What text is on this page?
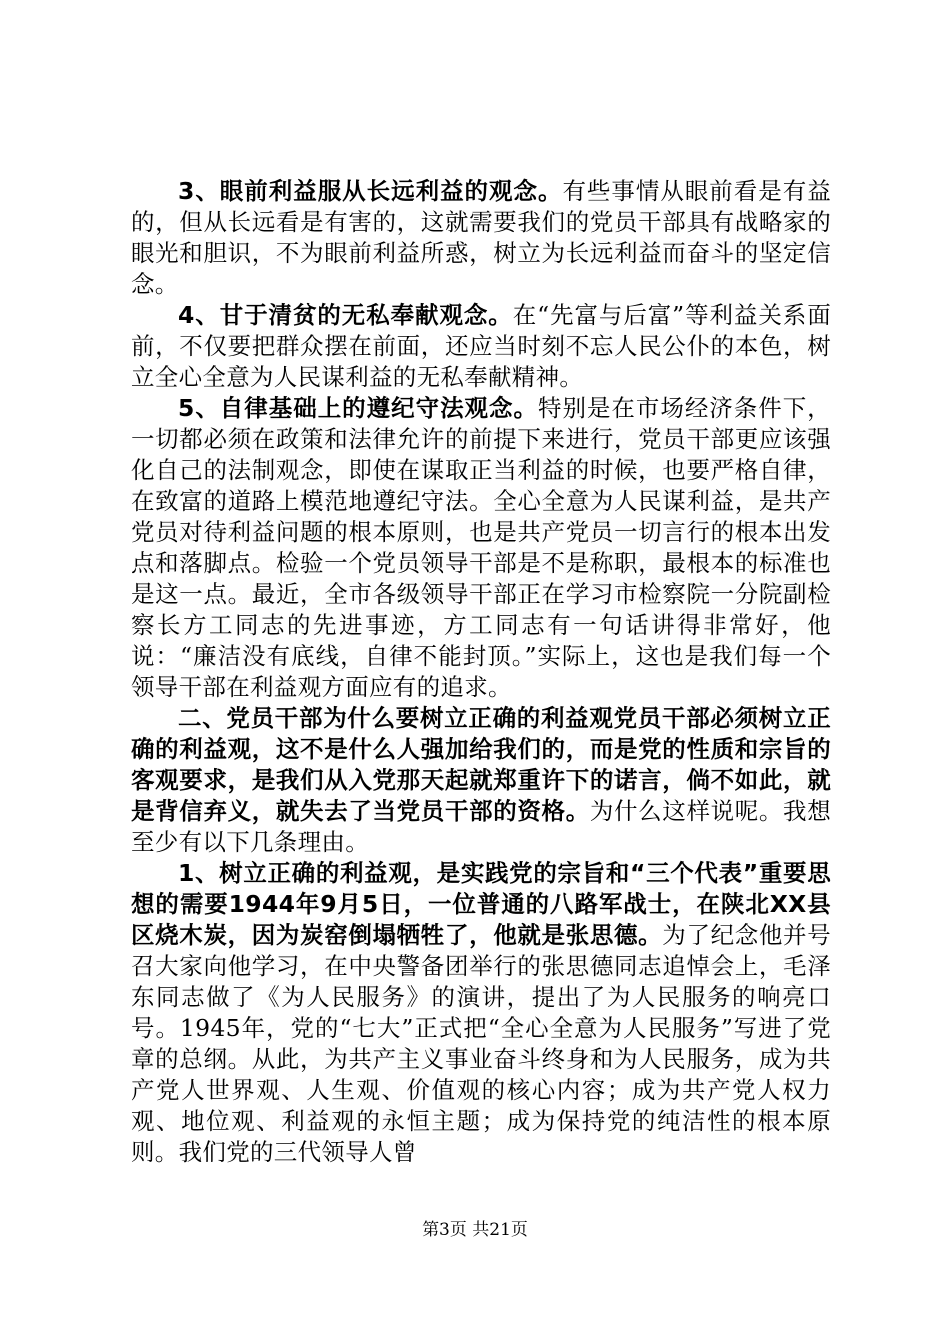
3、眼前利益服从长远利益的观念。有些事情从眼前看是有益的，但从长远看是有害的，这就需要我们的党员干部具有战略家的眼光和胆识，不为眼前利益所惑，树立为长远利益而奋斗的坚定信念。

4、甘于清贫的无私奉献观念。在“先富与后富”等利益关系面前，不仅要把群众摆在前面，还应当时刻不忘人民公仆的本色，树立全心全意为人民谋利益的无私奉献精神。

5、自律基础上的遵纪守法观念。特别是在市场经济条件下，一切都必须在政策和法律允许的前提下来进行，党员干部更应该强化自己的法制观念，即使在谋取正当利益的时候，也要严格自律，在致富的道路上模范地遵纪守法。全心全意为人民谋利益，是共产党员对待利益问题的根本原则，也是共产党员一切言行的根本出发点和落脚点。检验一个党员领导干部是不是称职，最根本的标准也是这一点。最近，全市各级领导干部正在学习市检察院一分院副检察长方工同志的先进事迹，方工同志有一句话讲得非常好，他说：“廉洁没有底线，自律不能封顶。”实际上，这也是我们每一个领导干部在利益观方面应有的追求。

二、党员干部为什么要树立正确的利益观党员干部必须树立正确的利益观，这不是什么人强加给我们的，而是党的性质和宗旨的客观要求，是我们从入党那天起就郑重许下的诺言，倘不如此，就是背信弃义，就失去了当党员干部的资格。为什么这样说呢。我想至少有以下几条理由。

1、树立正确的利益观，是实践党的宗旨和“三个代表”重要思想的需要1944年9月5日，一位普通的八路军战士，在陕北XX县区烧木炭，因为炭窑倒塌牺牲了，他就是张思德。为了纪念他并号召大家向他学习，在中央警备团举行的张思德同志追悼会上，毛泽东同志做了《为人民服务》的演讲，提出了为人民服务的响亮口号。1945年，党的“七大”正式把“全心全意为人民服务”写进了党章的总纲。从此，为共产主义事业奋斗终身和为人民服务，成为共产党人世界观、人生观、价值观的核心内容；成为共产党人权力观、地位观、利益观的永恒主题；成为保持党的纯洁性的根本原则。我们党的三代领导人曾

第3页 共21页
